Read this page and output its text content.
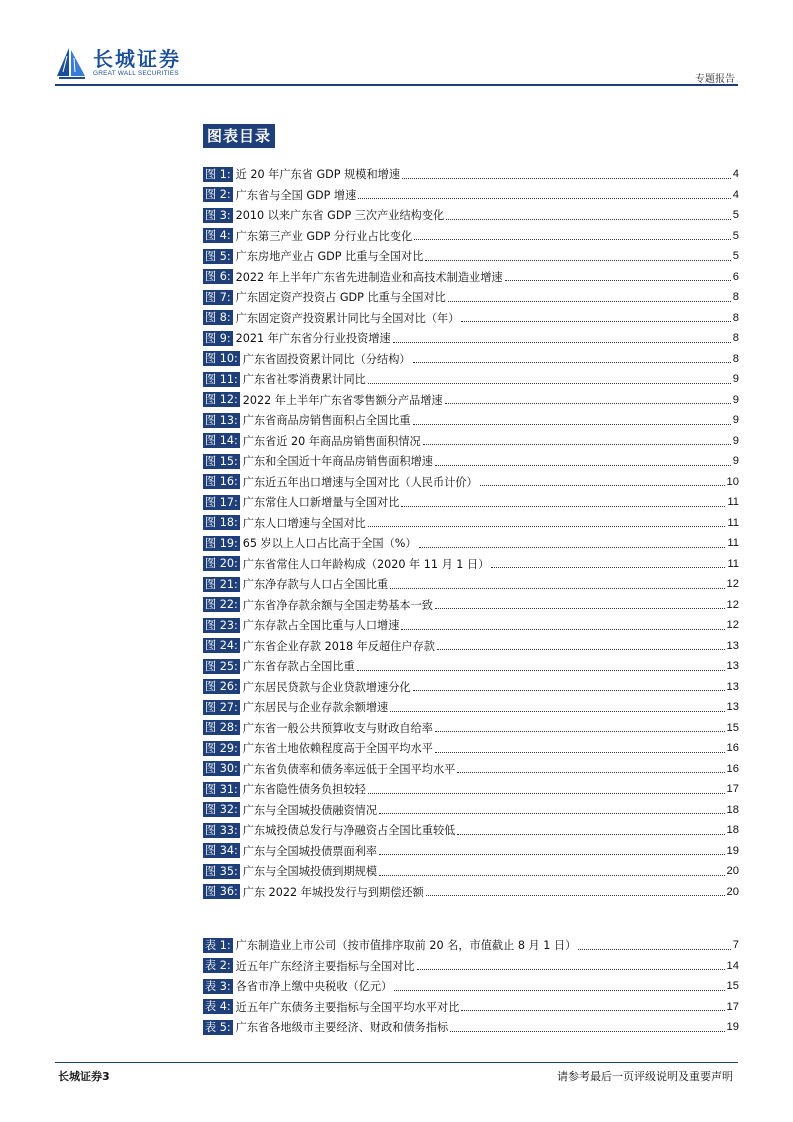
长城证券
GREAT WALL SECURITIES
专题报告
图表目录
图 1: 近 20 年广东省 GDP 规模和增速	4
图 2: 广东省与全国 GDP 增速	4
图 3: 2010 以来广东省 GDP 三次产业结构变化	5
图 4: 广东第三产业 GDP 分行业占比变化	5
图 5: 广东房地产业占 GDP 比重与全国对比	5
图 6: 2022 年上半年广东省先进制造业和高技术制造业增速	6
图 7: 广东固定资产投资占 GDP 比重与全国对比	8
图 8: 广东固定资产投资累计同比与全国对比（年）	8
图 9: 2021 年广东省分行业投资增速	8
图 10: 广东省固投资累计同比（分结构）	8
图 11: 广东省社零消费累计同比	9
图 12: 2022 年上半年广东省零售额分产品增速	9
图 13: 广东省商品房销售面积占全国比重	9
图 14: 广东省近 20 年商品房销售面积情况	9
图 15: 广东和全国近十年商品房销售面积增速	9
图 16: 广东近五年出口增速与全国对比（人民币计价）	10
图 17: 广东常住人口新增量与全国对比	11
图 18: 广东人口增速与全国对比	11
图 19: 65 岁以上人口占比高于全国（%）	11
图 20: 广东省常住人口年龄构成（2020 年 11 月 1 日）	11
图 21: 广东净存款与人口占全国比重	12
图 22: 广东省净存款余额与全国走势基本一致	12
图 23: 广东存款占全国比重与人口增速	12
图 24: 广东省企业存款 2018 年反超住户存款	13
图 25: 广东省存款占全国比重	13
图 26: 广东居民贷款与企业贷款增速分化	13
图 27: 广东居民与企业存款余额增速	13
图 28: 广东省一般公共预算收支与财政自给率	15
图 29: 广东省土地依赖程度高于全国平均水平	16
图 30: 广东省负债率和债务率远低于全国平均水平	16
图 31: 广东省隐性债务负担较轻	17
图 32: 广东与全国城投债融资情况	18
图 33: 广东城投债总发行与净融资占全国比重较低	18
图 34: 广东与全国城投债票面利率	19
图 35: 广东与全国城投债到期规模	20
图 36: 广东 2022 年城投发行与到期偿还额	20
表 1: 广东制造业上市公司（按市值排序取前 20 名，市值截止 8 月 1 日）	7
表 2: 近五年广东经济主要指标与全国对比	14
表 3: 各省市净上缴中央税收（亿元）	15
表 4: 近五年广东债务主要指标与全国平均水平对比	17
表 5: 广东省各地级市主要经济、财政和债务指标	19
长城证券3	请参考最后一页评级说明及重要声明
